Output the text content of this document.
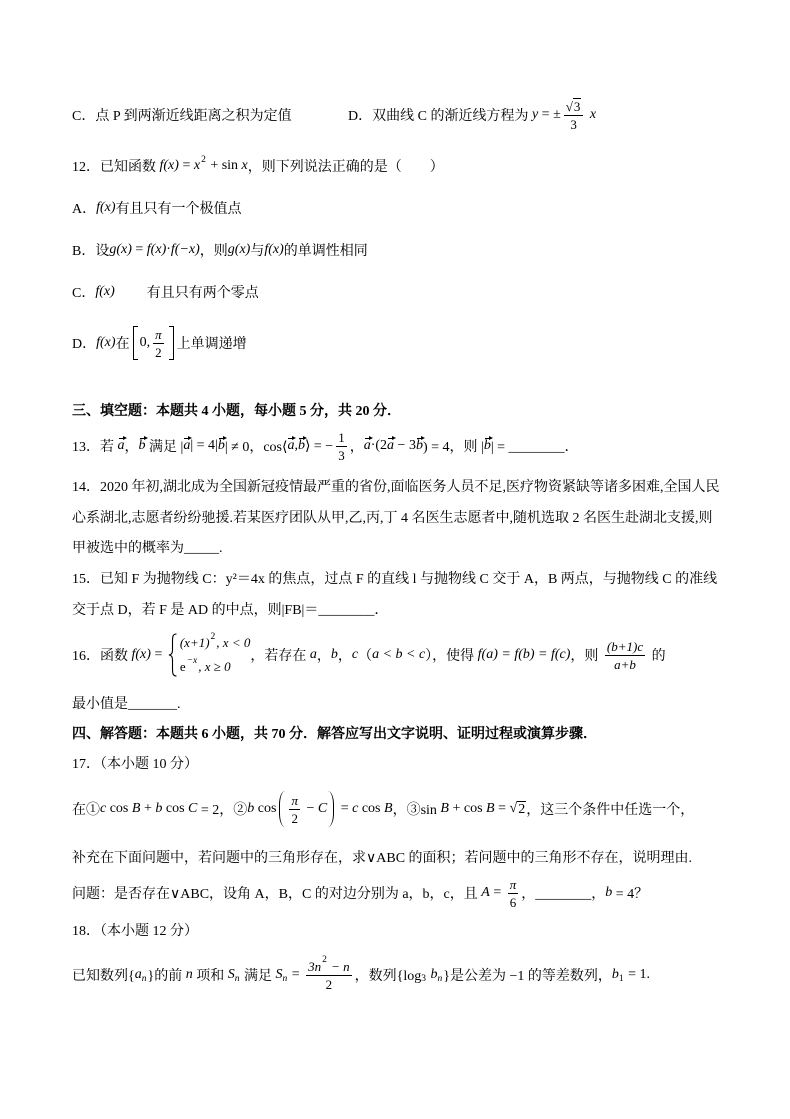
C．点 P 到两渐近线距离之积为定值	D．双曲线 C 的渐近线方程为 y = ± $\frac{√ 3}{3}$ x
12．已知函数 f(x) = x 2 + sin x ，则下列说法正确的是（　　）
A． f(x) 有且只有一个极值点
B．设 g(x) = f(x) · f(−x) ，则 g(x) 与 f(x) 的单调性相同
C． f(x) 有且只有两个零点
D． f(x) 在 0, $\frac{\pi}{2}$ 上单调递增
三、填空题：本题共 4 小题，每小题 5 分，共 20 分．
13．若 a ， b 满足 | a | = 4| b | ≠ 0，cos⟨ a , b ⟩ = − $\frac{1}{3}$ ， a ·(2 a − 3 b ) = 4，则 | b | = ________．
14．2020 年初,湖北成为全国新冠疫情最严重的省份,面临医务人员不足,医疗物资紧缺等诸多困难,全国人民
心系湖北,志愿者纷纷驰援.若某医疗团队从甲,乙,丙,丁 4 名医生志愿者中,随机选取 2 名医生赴湖北支援,则
甲被选中的概率为_____.
15．已知 F 为抛物线 C：y²＝4x 的焦点，过点 F 的直线 l 与抛物线 C 交于 A，B 两点，与抛物线 C 的准线
交于点 D，若 F 是 AD 的中点，则|FB|＝________．
16．函数 f(x) =
(x+1) 2 , x < 0
e −x , x ≥ 0
，若存在 a ， b ， c （ a < b < c ），使得 f(a) = f(b) = f(c) ，则 $\frac{(b+1)c}{a+b}$ 的
最小值是_______.
四、解答题：本题共 6 小题，共 70 分．解答应写出文字说明、证明过程或演算步骤．
17．（本小题 10 分）
在① c cos B + b cos C = 2，② b $\cos \frac{\pi}{2} - C = c$ cos B ，③sin B + cos B = √ 2 ，这三个条件中任选一个，
补充在下面问题中，若问题中的三角形存在，求∨ABC 的面积；若问题中的三角形不存在，说明理由.
问题：是否存在∨ABC，设角 A，B，C 的对边分别为 a，b，c，且 $A = \frac{\pi}{6}$ ，________， b = 4？
18．（本小题 12 分）
已知数列{ a n }的前 n 项和 S n 满足 S $n = \frac{3n 2 - n}{2}$ ，数列{log 3 b n }是公差为 −1 的等差数列， b 1 = 1.
